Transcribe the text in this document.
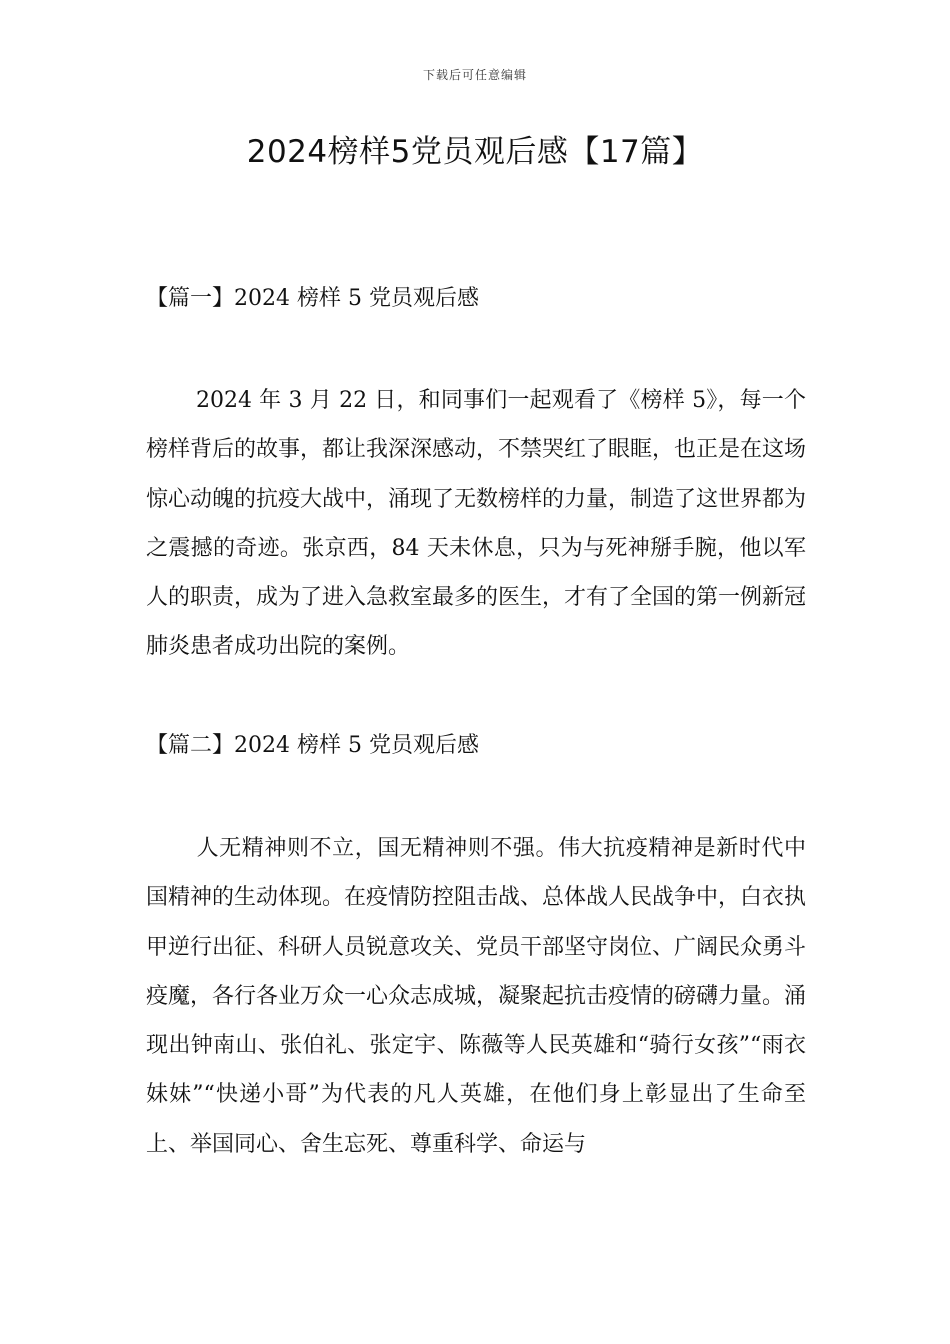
下载后可任意编辑
2024榜样5党员观后感【17篇】
【篇一】2024 榜样 5 党员观后感

2024 年 3 月 22 日，和同事们一起观看了《榜样 5》，每一个榜样背后的故事，都让我深深感动，不禁哭红了眼眶，也正是在这场惊心动魄的抗疫大战中，涌现了无数榜样的力量，制造了这世界都为之震撼的奇迹。张京西，84 天未休息，只为与死神掰手腕，他以军人的职责，成为了进入急救室最多的医生，才有了全国的第一例新冠肺炎患者成功出院的案例。

【篇二】2024 榜样 5 党员观后感

人无精神则不立，国无精神则不强。伟大抗疫精神是新时代中国精神的生动体现。在疫情防控阻击战、总体战人民战争中，白衣执甲逆行出征、科研人员锐意攻关、党员干部坚守岗位、广阔民众勇斗疫魔，各行各业万众一心众志成城，凝聚起抗击疫情的磅礴力量。涌现出钟南山、张伯礼、张定宇、陈薇等人民英雄和“骑行女孩”“雨衣妹妹”“快递小哥”为代表的凡人英雄，在他们身上彰显出了生命至上、举国同心、舍生忘死、尊重科学、命运与
